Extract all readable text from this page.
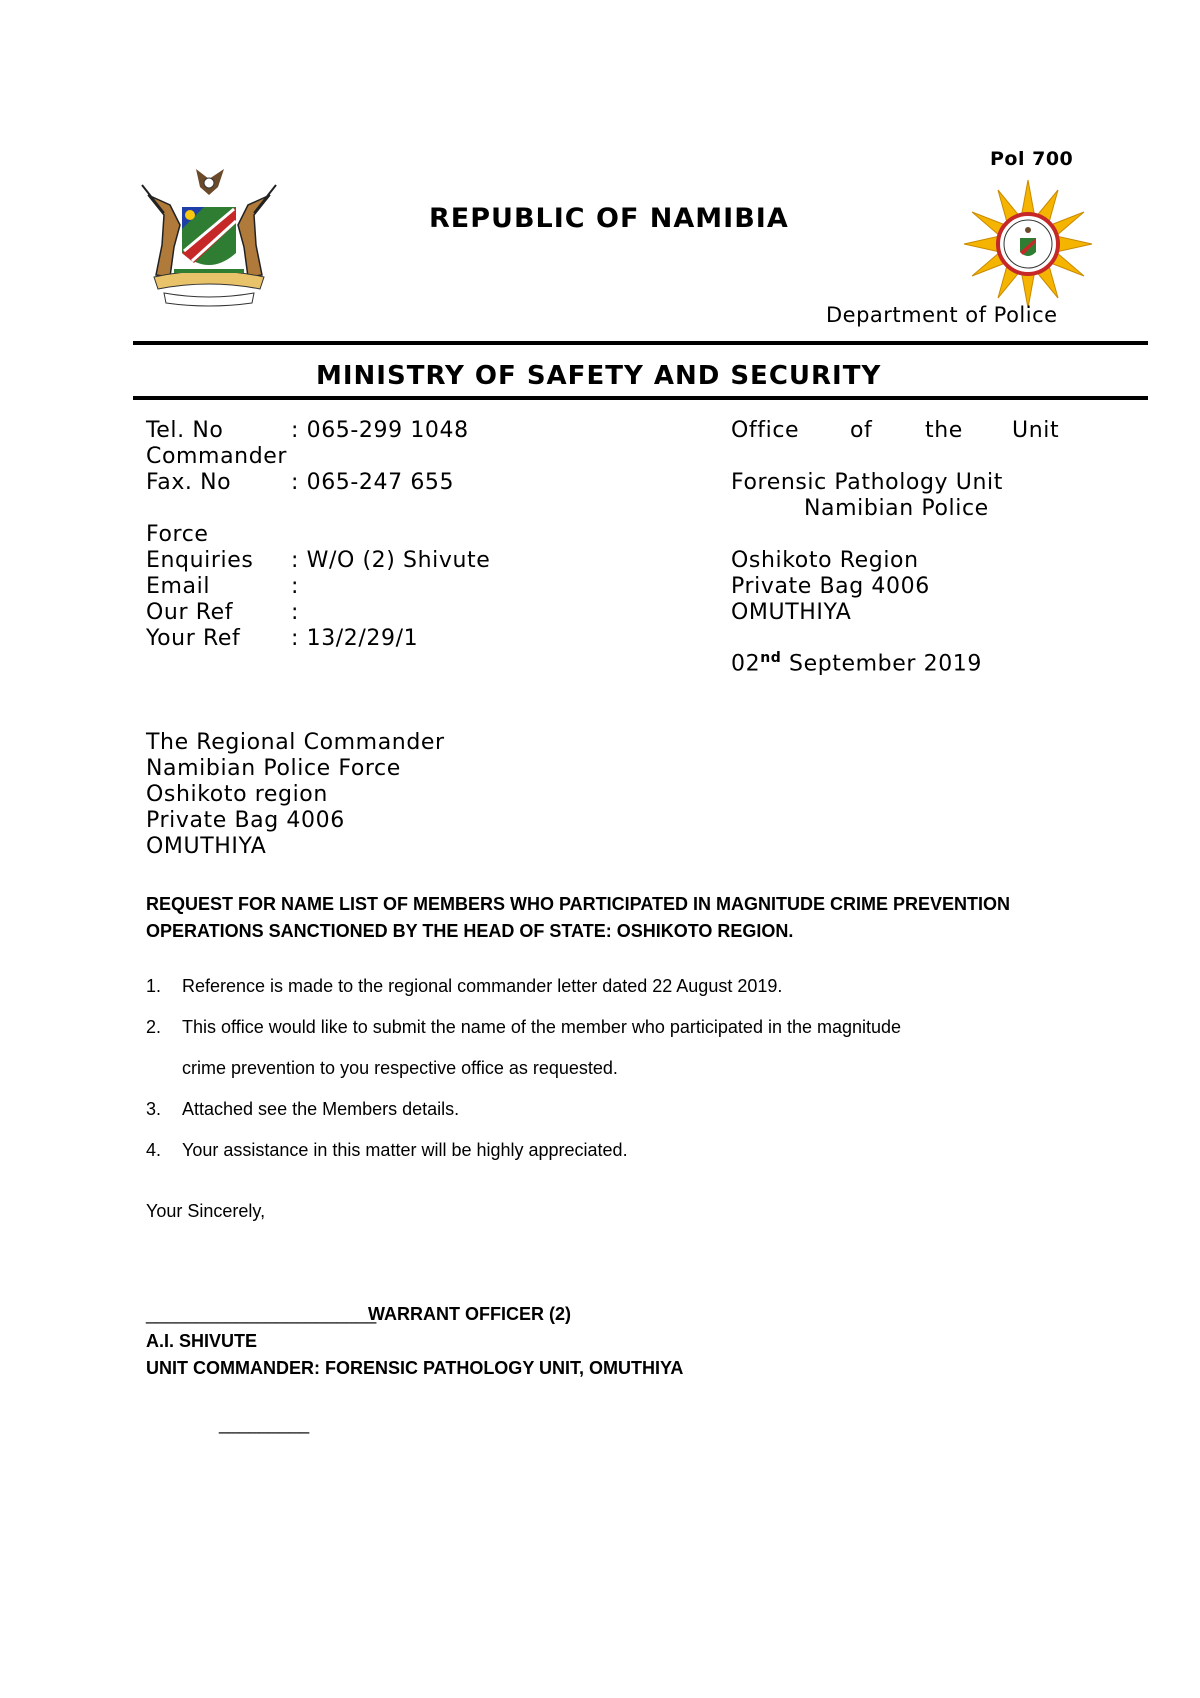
Pol 700
REPUBLIC OF NAMIBIA
Department of Police
MINISTRY OF SAFETY AND SECURITY
Tel. No	: 065-299 1048
Commander
Fax. No	: 065-247 655
Force
Enquiries : W/O (2) Shivute
Email	:
Our Ref	:
Your Ref : 13/2/29/1
Office of the Unit
Forensic Pathology Unit
Namibian Police
Oshikoto Region
Private Bag 4006
OMUTHIYA
02nd September 2019
The Regional Commander
Namibian Police Force
Oshikoto region
Private Bag 4006
OMUTHIYA
REQUEST FOR NAME LIST OF MEMBERS WHO PARTICIPATED IN MAGNITUDE CRIME PREVENTION
OPERATIONS SANCTIONED BY THE HEAD OF STATE: OSHIKOTO REGION.
1. Reference is made to the regional commander letter dated 22 August 2019.
2. This office would like to submit the name of the member who participated in the magnitude
crime prevention to you respective office as requested.
3. Attached see the Members details.
4. Your assistance in this matter will be highly appreciated.
Your Sincerely,
_______________________
WARRANT OFFICER (2)
A.I. SHIVUTE
UNIT COMMANDER: FORENSIC PATHOLOGY UNIT, OMUTHIYA
_________
